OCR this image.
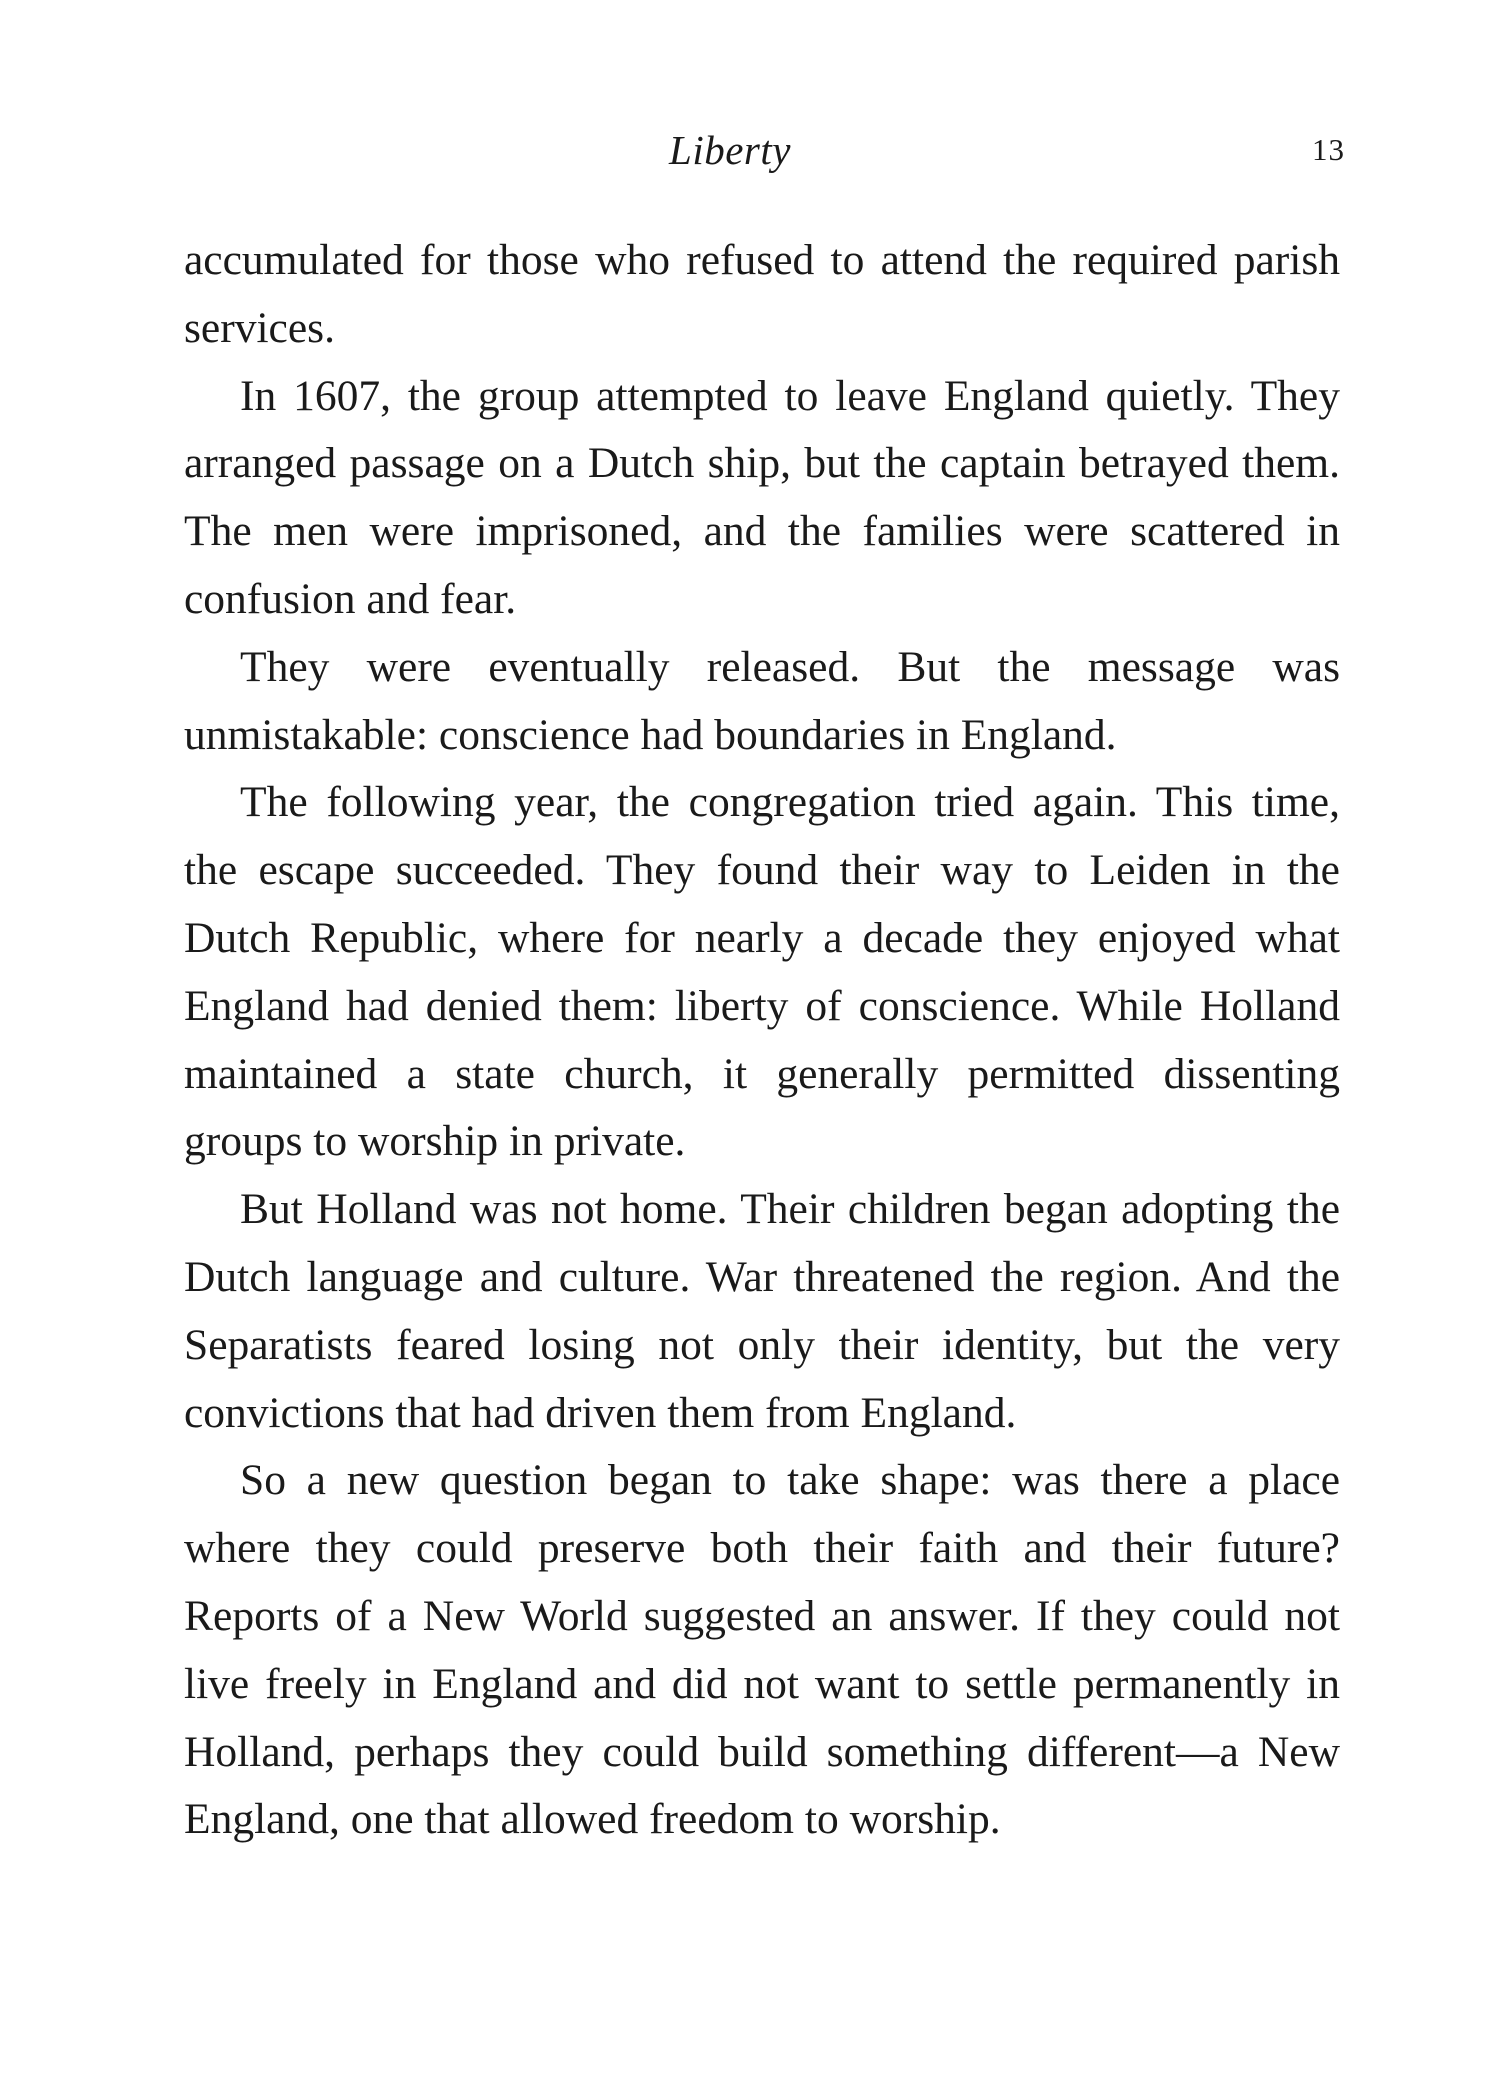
Liberty	13

accumulated for those who refused to attend the required parish services.

In 1607, the group attempted to leave England quietly. They arranged passage on a Dutch ship, but the captain betrayed them. The men were imprisoned, and the families were scattered in confusion and fear.

They were eventually released. But the message was unmistakable: conscience had boundaries in England.

The following year, the congregation tried again. This time, the escape succeeded. They found their way to Leiden in the Dutch Republic, where for nearly a decade they enjoyed what England had denied them: liberty of conscience. While Holland maintained a state church, it generally permitted dissenting groups to worship in private.

But Holland was not home. Their children began adopting the Dutch language and culture. War threatened the region. And the Separatists feared losing not only their identity, but the very convictions that had driven them from England.

So a new question began to take shape: was there a place where they could preserve both their faith and their future? Reports of a New World suggested an answer. If they could not live freely in England and did not want to settle permanently in Holland, perhaps they could build something different—a New England, one that allowed freedom to worship.
